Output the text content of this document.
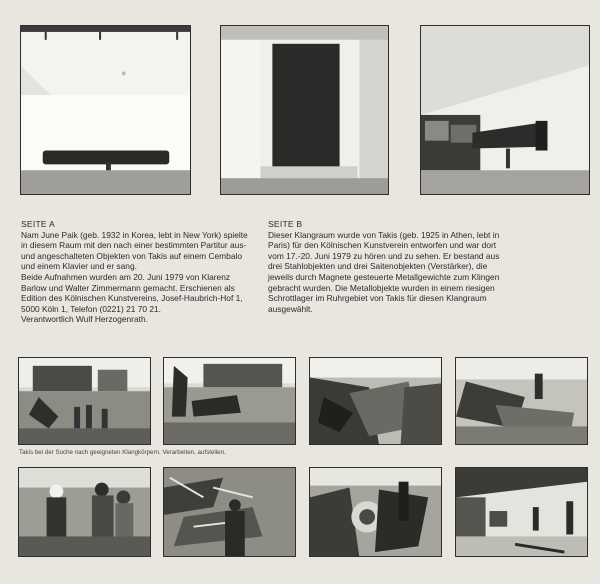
SEITE A

Nam June Paik (geb. 1932 in Korea, lebt in New York) spielte in diesem Raum mit den nach einer bestimmten Partitur aus- und angeschalteten Objekten von Takis auf einem Cembalo und einem Klavier und er sang.

Beide Aufnahmen wurden am 20. Juni 1979 von Klarenz Barlow und Walter Zimmermann gemacht. Erschienen als Edition des Kölnischen Kunstvereins, Josef-Haubrich-Hof 1, 5000 Köln 1, Telefon (0221) 21 70 21.

Verantwortlich Wulf Herzogenrath.

SEITE B

Dieser Klangraum wurde von Takis (geb. 1925 in Athen, lebt in Paris) für den Kölnischen Kunstverein entworfen und war dort vom 17.-20. Juni 1979 zu hören und zu sehen. Er bestand aus drei Stahlobjekten und drei Saitenobjekten (Verstärker), die jeweils durch Magnete gesteuerte Metallgewichte zum Klingen gebracht wurden. Die Metallobjekte wurden in einem riesigen Schrottlager im Ruhrgebiet von Takis für diesen Klangraum ausgewählt.

Takis bei der Suche nach geeigneten Klangkörpern. Verarbeiten, aufstellen.
